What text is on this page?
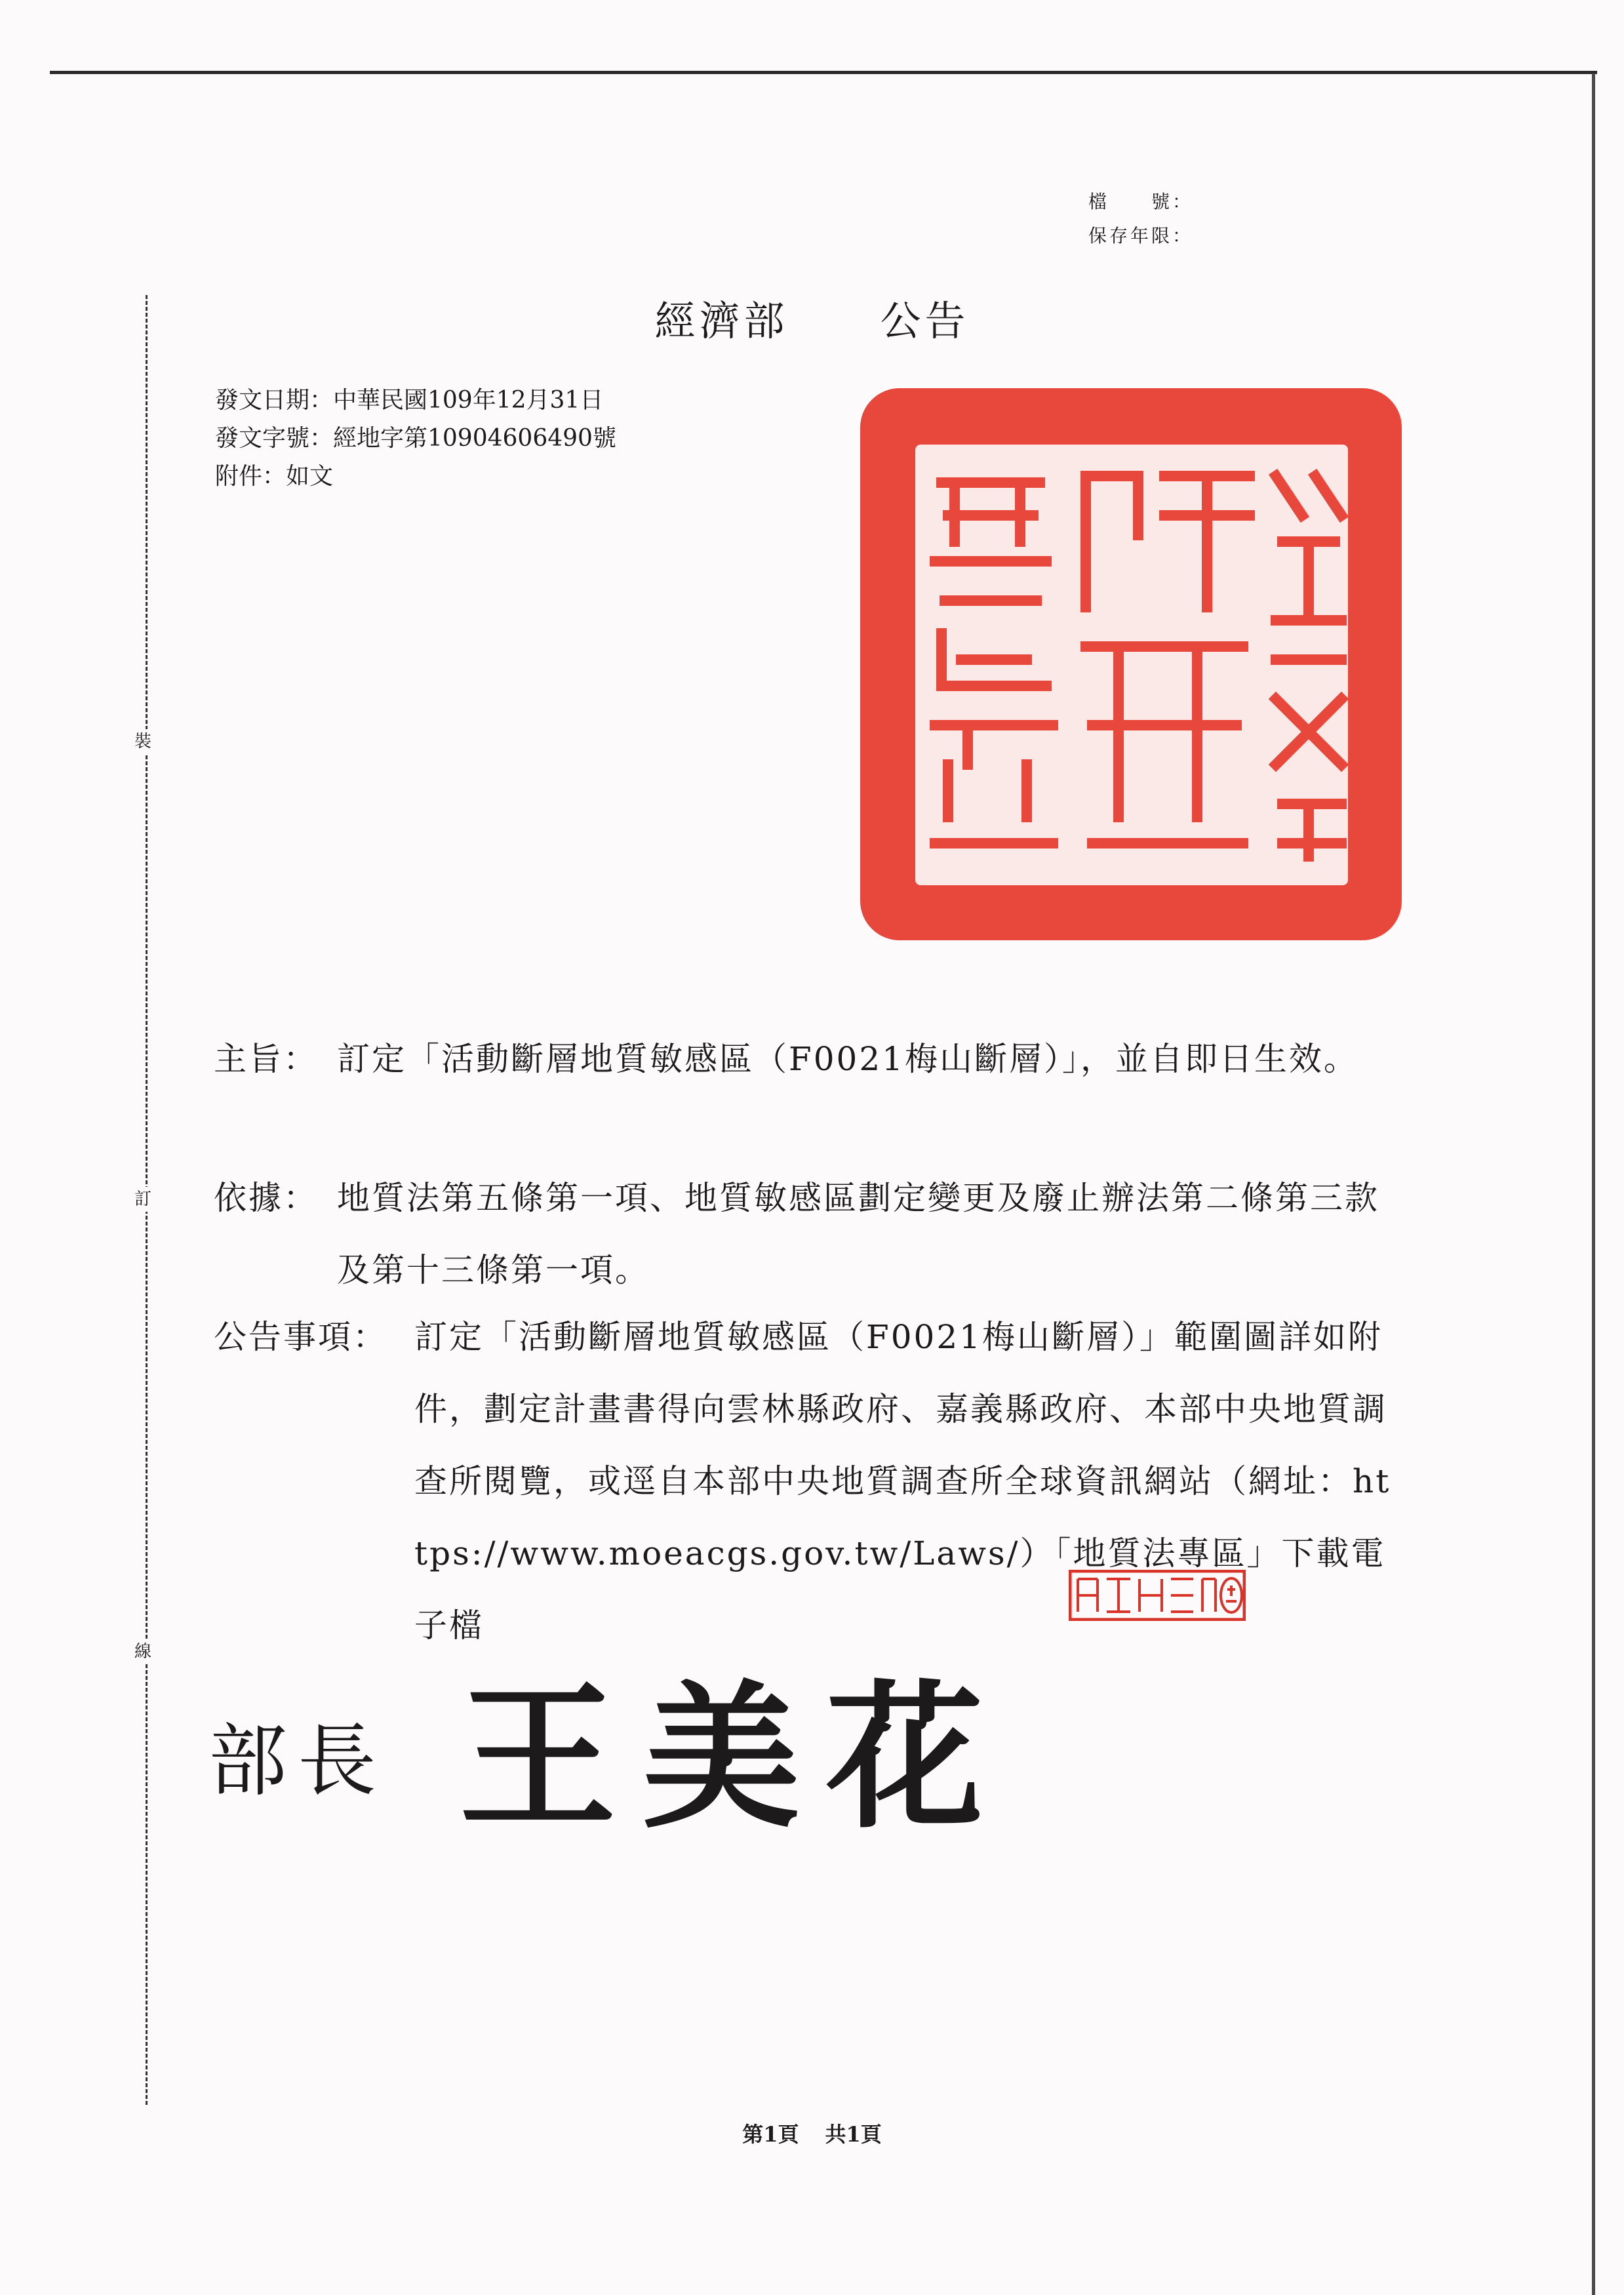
裝
訂
線
檔　　號：
保存年限：
經濟部 公告
發文日期：中華民國109年12月31日
發文字號：經地字第10904606490號
附件：如文
主旨： 訂定「活動斷層地質敏感區（F0021梅山斷層）」，並自即日生效。
依據： 地質法第五條第一項、地質敏感區劃定變更及廢止辦法第二條第三款及第十三條第一項。
公告事項： 訂定「活動斷層地質敏感區（F0021梅山斷層）」範圍圖詳如附件，劃定計畫書得向雲林縣政府、嘉義縣政府、本部中央地質調查所閱覽，或逕自本部中央地質調查所全球資訊網站（網址：https://www.moeacgs.gov.tw/Laws/）「地質法專區」下載電子檔
部長 王美花
第1頁 共1頁
